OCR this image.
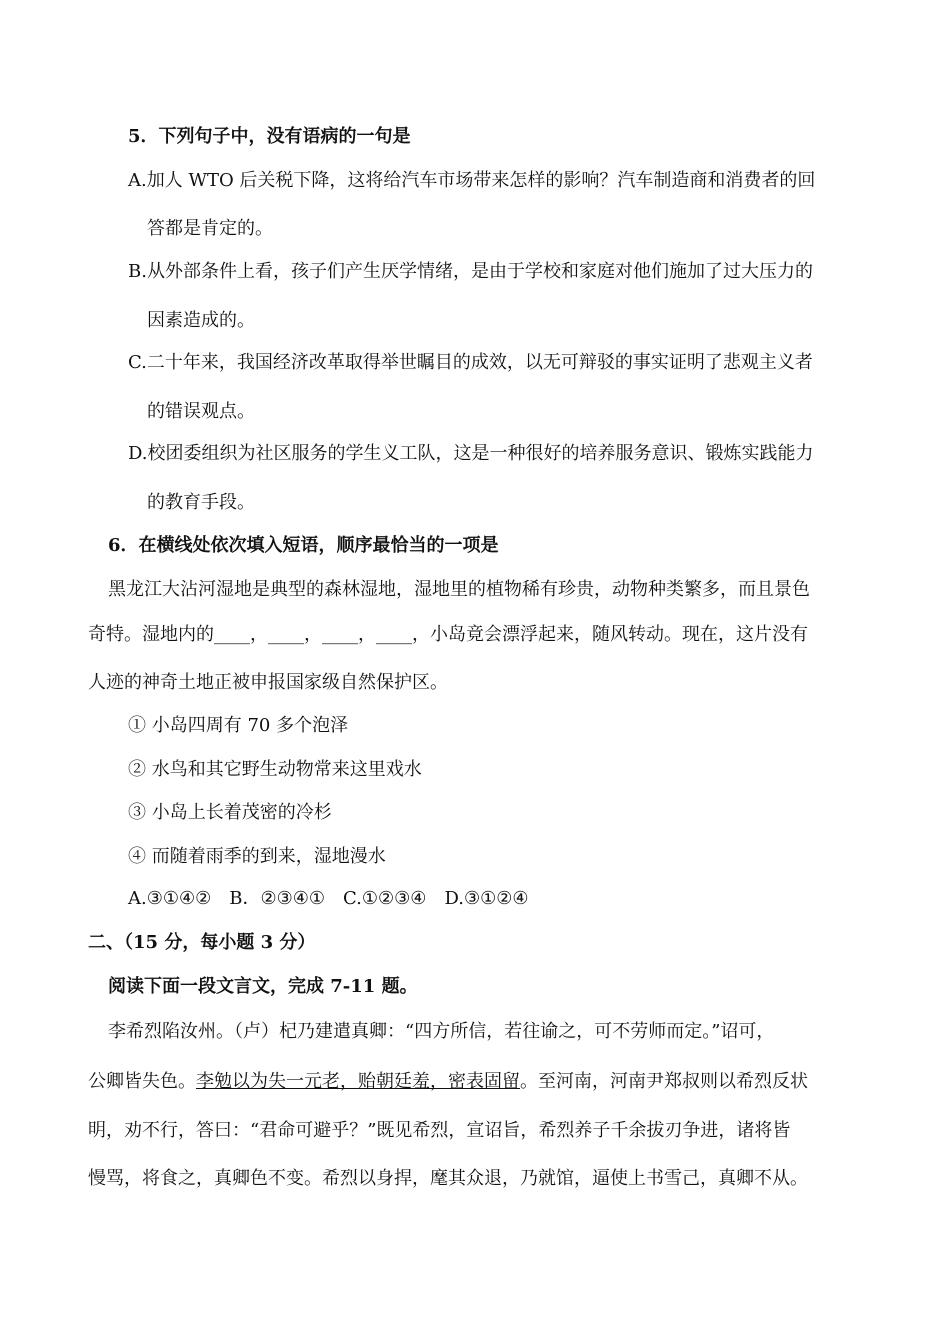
5．下列句子中，没有语病的一句是
A.加人 WTO 后关税下降，这将给汽车市场带来怎样的影响？汽车制造商和消费者的回
答都是肯定的。
B.从外部条件上看，孩子们产生厌学情绪，是由于学校和家庭对他们施加了过大压力的
因素造成的。
C.二十年来，我国经济改革取得举世瞩目的成效，以无可辩驳的事实证明了悲观主义者
的错误观点。
D.校团委组织为社区服务的学生义工队，这是一种很好的培养服务意识、锻炼实践能力
的教育手段。
6．在横线处依次填入短语，顺序最恰当的一项是
黑龙江大沾河湿地是典型的森林湿地，湿地里的植物稀有珍贵，动物种类繁多，而且景色
奇特。湿地内的____，____，____，____，小岛竟会漂浮起来，随风转动。现在，这片没有
人迹的神奇土地正被申报国家级自然保护区。
① 小岛四周有 70 多个泡泽
② 水鸟和其它野生动物常来这里戏水
③ 小岛上长着茂密的冷杉
④ 而随着雨季的到来，湿地漫水
A.③①④②　B．②③④①　C.①②③④　D.③①②④
二、（15 分，每小题 3 分）
阅读下面一段文言文，完成 7-11 题。
李希烈陷汝州。（卢）杞乃建遣真卿：“四方所信，若往谕之，可不劳师而定。”诏可，
公卿皆失色。李勉以为失一元老，贻朝廷羞，密表固留。至河南，河南尹郑叔则以希烈反状
明，劝不行，答曰：“君命可避乎？”既见希烈，宣诏旨，希烈养子千余拔刃争进，诸将皆
慢骂，将食之，真卿色不变。希烈以身捍，麾其众退，乃就馆，逼使上书雪己，真卿不从。
